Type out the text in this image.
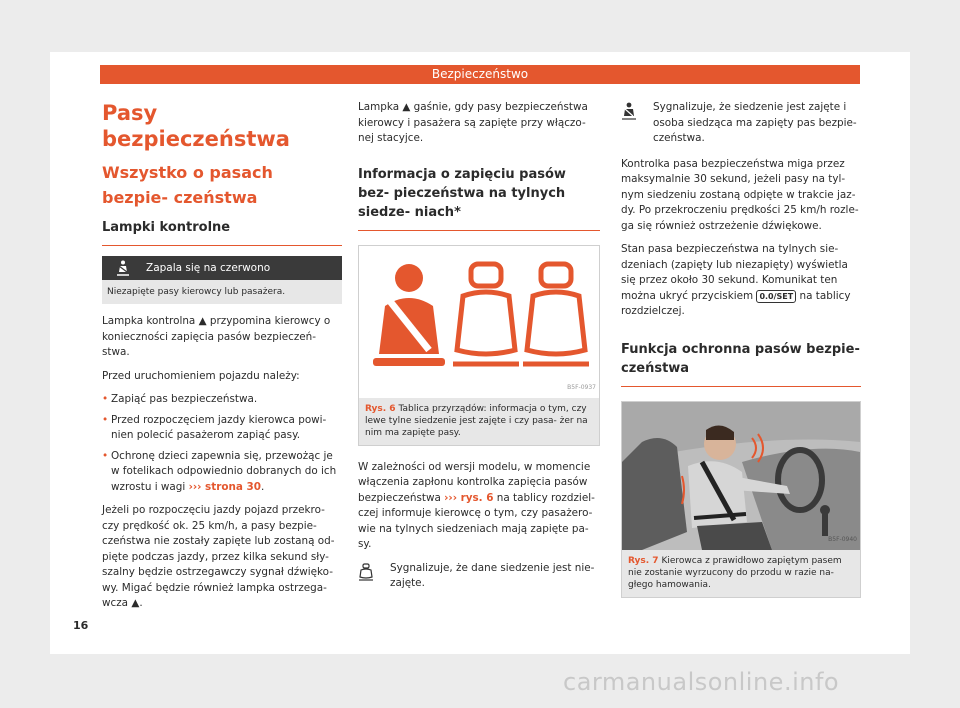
Bezpieczeństwo
Pasy bezpieczeństwa
Wszystko o pasach bezpie- czeństwa
Lampki kontrolne
Zapala się na czerwono
Niezapięte pasy kierowcy lub pasażera.

Lampka kontrolna ▲ przypomina kierowcy o konieczności zapięcia pasów bezpieczeń- stwa.

Przed uruchomieniem pojazdu należy:

• Zapiąć pas bezpieczeństwa.
• Przed rozpoczęciem jazdy kierowca powi- nien polecić pasażerom zapiąć pasy.
• Ochronę dzieci zapewnia się, przewożąc je w fotelikach odpowiednio dobranych do ich wzrostu i wagi ››› strona 30.

Jeżeli po rozpoczęciu jazdy pojazd przekro- czy prędkość ok. 25 km/h, a pasy bezpie- czeństwa nie zostały zapięte lub zostaną od- pięte podczas jazdy, przez kilka sekund sły- szalny będzie ostrzegawczy sygnał dźwięko- wy. Migać będzie również lampka ostrzega- wcza ▲.

Lampka ▲ gaśnie, gdy pasy bezpieczeństwa kierowcy i pasażera są zapięte przy włączo- nej stacyjce.

Informacja o zapięciu pasów bez- pieczeństwa na tylnych siedze- niach*
B5F-0937
Rys. 6 Tablica przyrządów: informacja o tym, czy lewe tylne siedzenie jest zajęte i czy pasa- żer na nim ma zapięte pasy.

W zależności od wersji modelu, w momencie włączenia zapłonu kontrolka zapięcia pasów bezpieczeństwa ››› rys. 6 na tablicy rozdziel- czej informuje kierowcę o tym, czy pasażero- wie na tylnych siedzeniach mają zapięte pa- sy.

Sygnalizuje, że dane siedzenie jest nie- zajęte.
Sygnalizuje, że siedzenie jest zajęte i osoba siedząca ma zapięty pas bezpie- czeństwa.

Kontrolka pasa bezpieczeństwa miga przez maksymalnie 30 sekund, jeżeli pasy na tyl- nym siedzeniu zostaną odpięte w trakcie jaz- dy. Po przekroczeniu prędkości 25 km/h rozle- ga się również ostrzeżenie dźwiękowe.

Stan pasa bezpieczeństwa na tylnych sie- dzeniach (zapięty lub niezapięty) wyświetla się przez około 30 sekund. Komunikat ten można ukryć przyciskiem 0.0/SET na tablicy rozdzielczej.

Funkcja ochronna pasów bezpie- czeństwa
B5F-0940
Rys. 7 Kierowca z prawidłowo zapiętym pasem nie zostanie wyrzucony do przodu w razie na- głego hamowania.
16
carmanualsonline.info
